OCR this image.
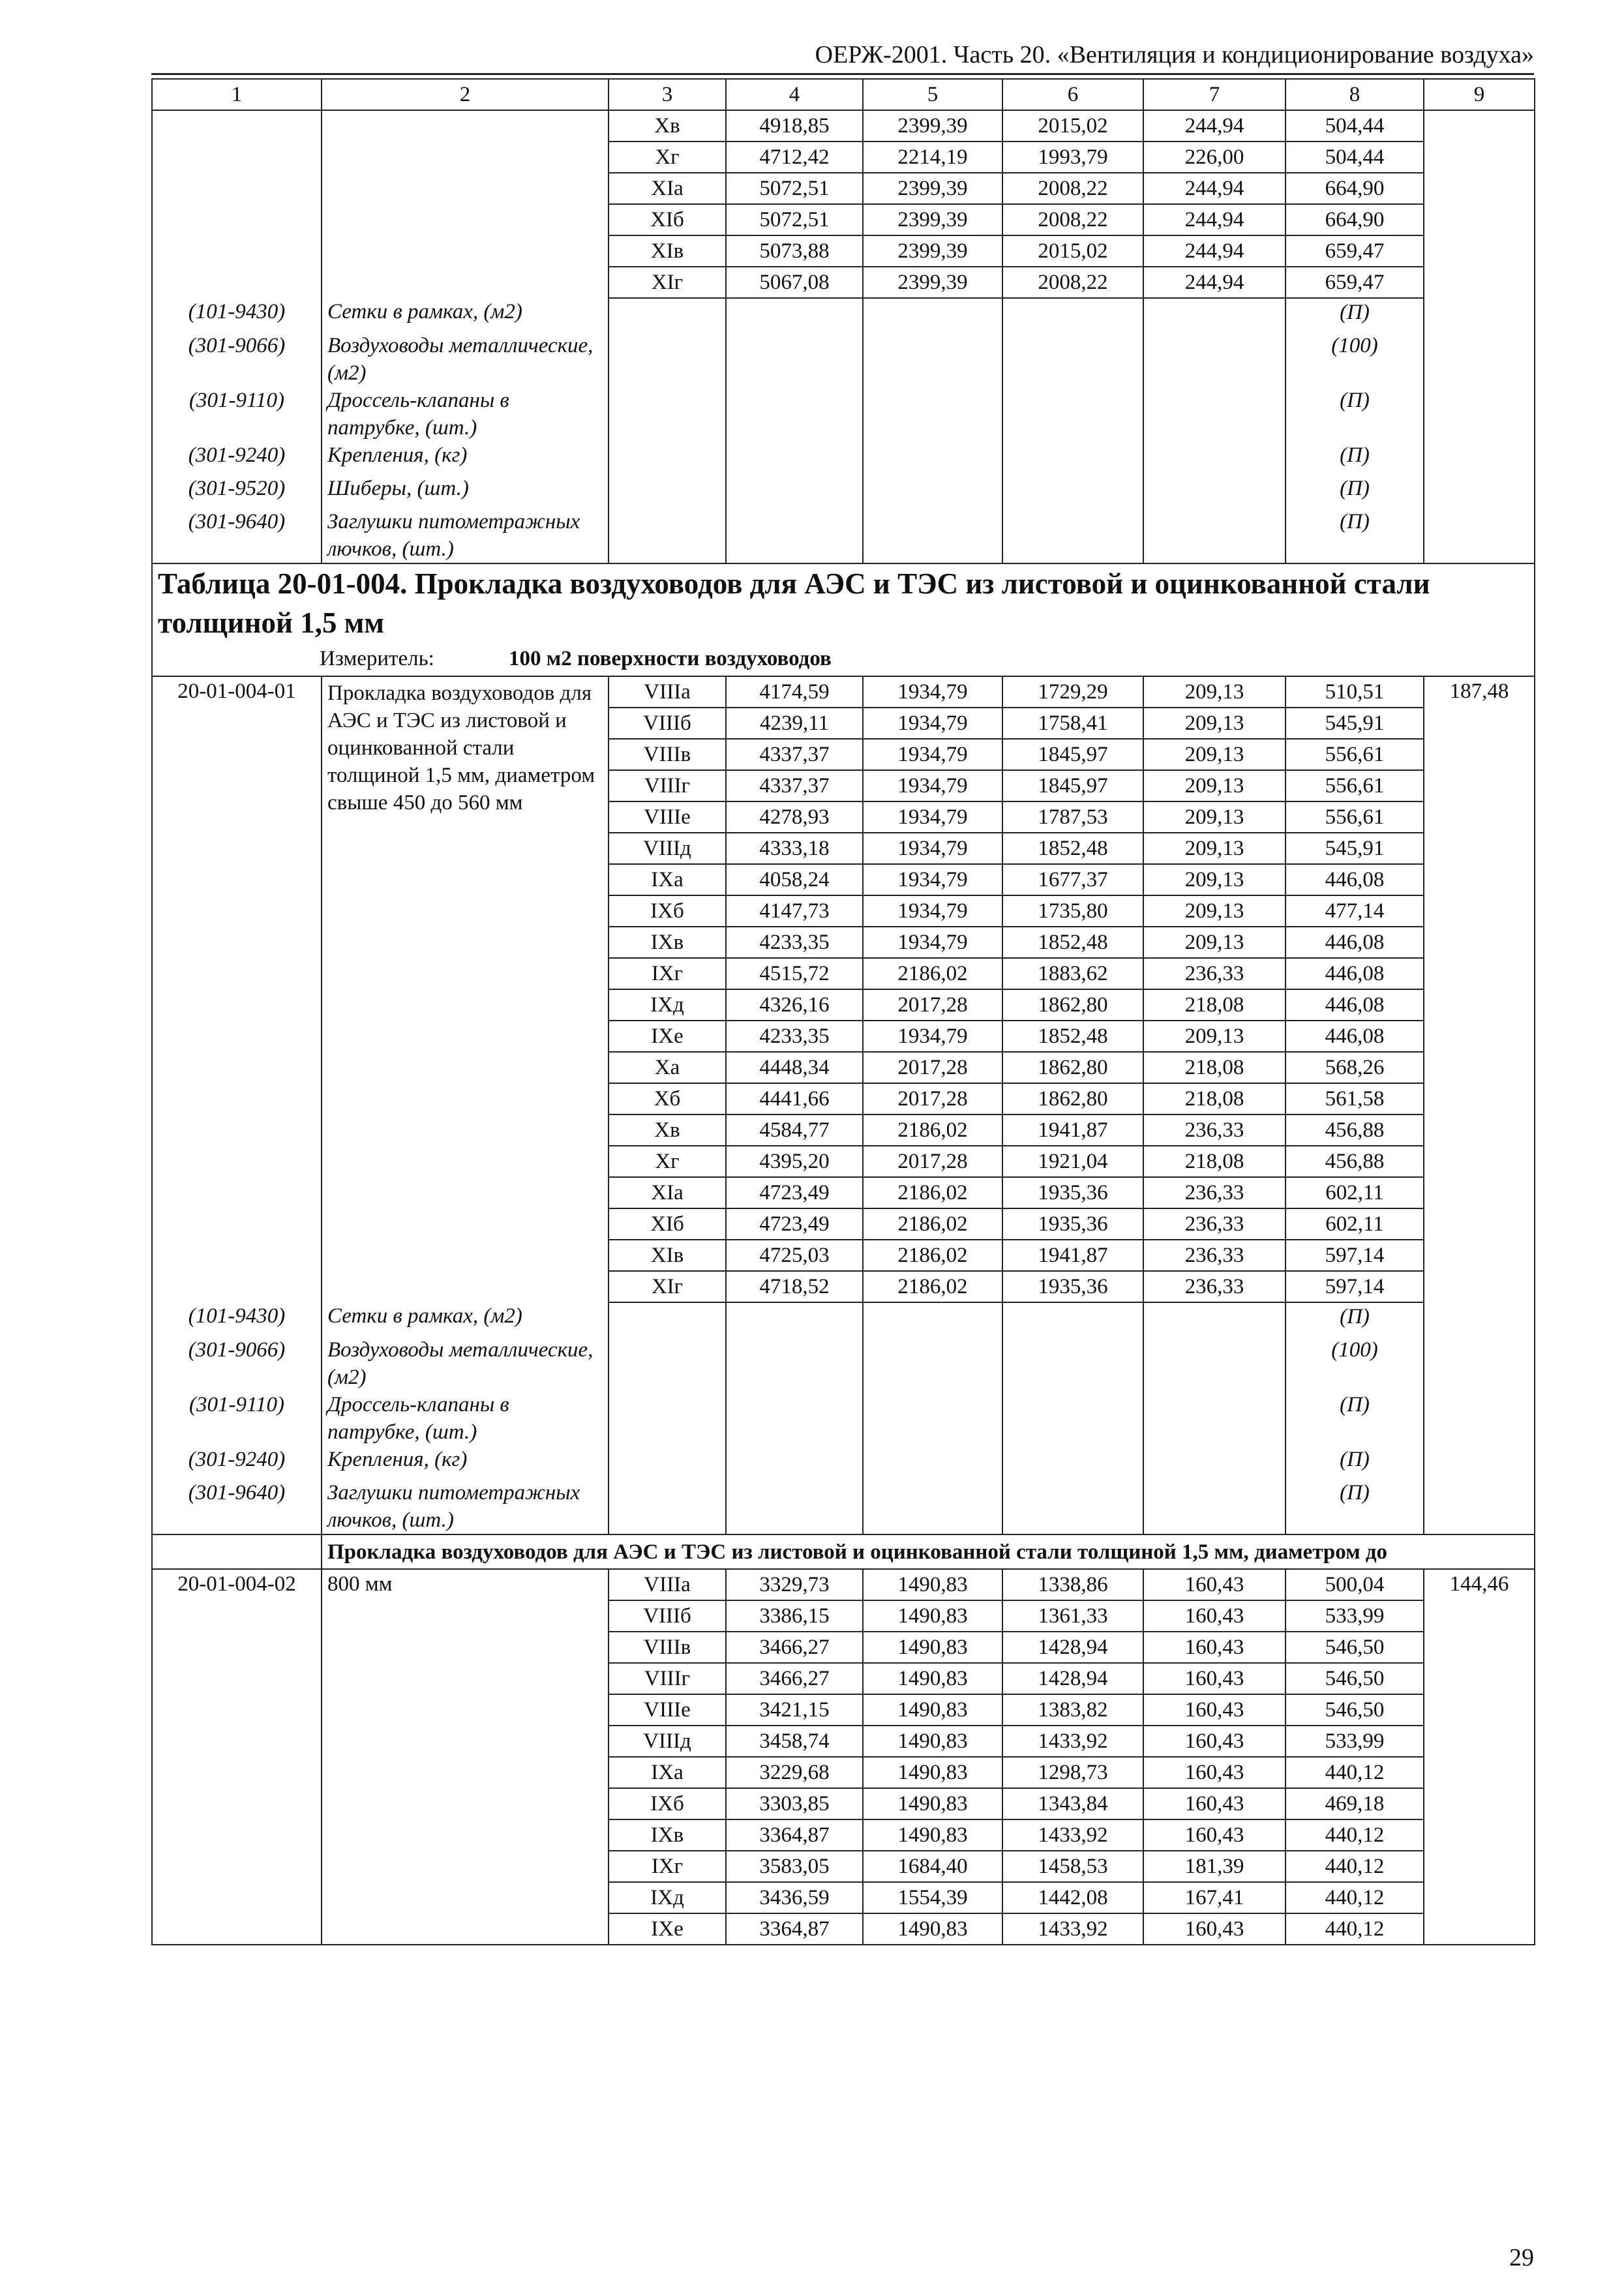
ОЕРЖ-2001. Часть 20. «Вентиляция и кондиционирование воздуха»
1	2	3	4	5	6	7	8	9
		Xв	4918,85	2399,39	2015,02	244,94	504,44	
		Xг	4712,42	2214,19	1993,79	226,00	504,44	
		XIа	5072,51	2399,39	2008,22	244,94	664,90	
		XIб	5072,51	2399,39	2008,22	244,94	664,90	
		XIв	5073,88	2399,39	2015,02	244,94	659,47	
		XIг	5067,08	2399,39	2008,22	244,94	659,47	
(101-9430)	Сетки в рамках, (м2)						(П)	
(301-9066)	Воздуховоды металлические, (м2)						(100)	
(301-9110)	Дроссель-клапаны в патрубке, (шт.)						(П)	
(301-9240)	Крепления, (кг)						(П)	
(301-9520)	Шиберы, (шт.)						(П)	
(301-9640)	Заглушки питометражных лючков, (шт.)						(П)	
Таблица 20-01-004. Прокладка воздуховодов для АЭС и ТЭС из листовой и оцинкованной стали толщиной 1,5 мм								
Измеритель: 100 м2 поверхности воздуховодов								
20-01-004-01	Прокладка воздуховодов для АЭС и ТЭС из листовой и оцинкованной стали толщиной 1,5 мм, диаметром свыше 450 до 560 мм	VIIIа	4174,59	1934,79	1729,29	209,13	510,51	187,48
		VIIIб	4239,11	1934,79	1758,41	209,13	545,91	
		VIIIв	4337,37	1934,79	1845,97	209,13	556,61	
		VIIIг	4337,37	1934,79	1845,97	209,13	556,61	
		VIIIе	4278,93	1934,79	1787,53	209,13	556,61	
		VIIIд	4333,18	1934,79	1852,48	209,13	545,91	
		IXа	4058,24	1934,79	1677,37	209,13	446,08	
		IXб	4147,73	1934,79	1735,80	209,13	477,14	
		IXв	4233,35	1934,79	1852,48	209,13	446,08	
		IXг	4515,72	2186,02	1883,62	236,33	446,08	
		IXд	4326,16	2017,28	1862,80	218,08	446,08	
		IXе	4233,35	1934,79	1852,48	209,13	446,08	
		Xа	4448,34	2017,28	1862,80	218,08	568,26	
		Xб	4441,66	2017,28	1862,80	218,08	561,58	
		Xв	4584,77	2186,02	1941,87	236,33	456,88	
		Xг	4395,20	2017,28	1921,04	218,08	456,88	
		XIа	4723,49	2186,02	1935,36	236,33	602,11	
		XIб	4723,49	2186,02	1935,36	236,33	602,11	
		XIв	4725,03	2186,02	1941,87	236,33	597,14	
		XIг	4718,52	2186,02	1935,36	236,33	597,14	
(101-9430)	Сетки в рамках, (м2)						(П)	
(301-9066)	Воздуховоды металлические, (м2)						(100)	
(301-9110)	Дроссель-клапаны в патрубке, (шт.)						(П)	
(301-9240)	Крепления, (кг)						(П)	
(301-9640)	Заглушки питометражных лючков, (шт.)						(П)	
	Прокладка воздуховодов для АЭС и ТЭС из листовой и оцинкованной стали толщиной 1,5 мм, диаметром до							
20-01-004-02	800 мм	VIIIа	3329,73	1490,83	1338,86	160,43	500,04	144,46
		VIIIб	3386,15	1490,83	1361,33	160,43	533,99	
		VIIIв	3466,27	1490,83	1428,94	160,43	546,50	
		VIIIг	3466,27	1490,83	1428,94	160,43	546,50	
		VIIIе	3421,15	1490,83	1383,82	160,43	546,50	
		VIIIд	3458,74	1490,83	1433,92	160,43	533,99	
		IXа	3229,68	1490,83	1298,73	160,43	440,12	
		IXб	3303,85	1490,83	1343,84	160,43	469,18	
		IXв	3364,87	1490,83	1433,92	160,43	440,12	
		IXг	3583,05	1684,40	1458,53	181,39	440,12	
		IXд	3436,59	1554,39	1442,08	167,41	440,12	
		IXе	3364,87	1490,83	1433,92	160,43	440,12	
29
